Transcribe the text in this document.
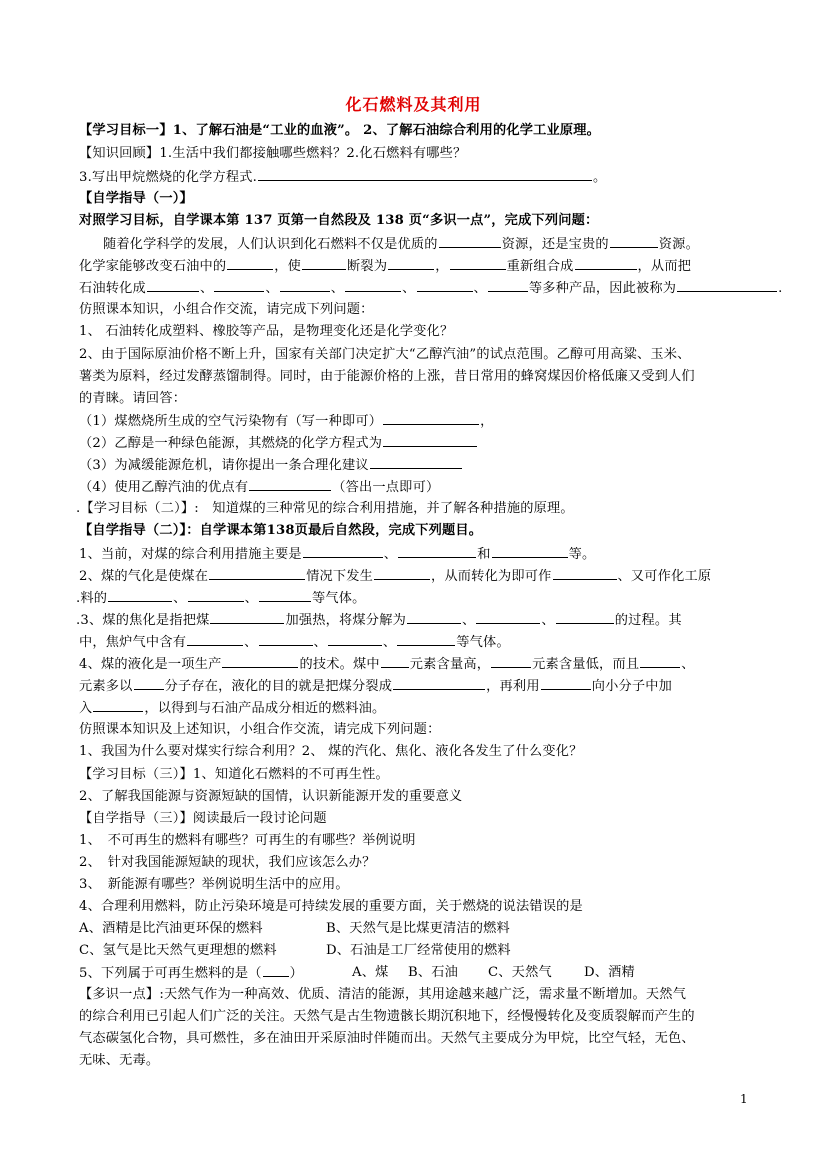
化石燃料及其利用
【学习目标一】1、了解石油是“工业的血液”。 2、了解石油综合利用的化学工业原理。
【知识回顾】1.生活中我们都接触哪些燃料？2.化石燃料有哪些？
3.写出甲烷燃烧的化学方程式.	。
【自学指导（一）】
对照学习目标，自学课本第 137 页第一自然段及 138 页“多识一点”，完成下列问题：
随着化学科学的发展，人们认识到化石燃料不仅是优质的	资源，还是宝贵的	资源。
化学家能够改变石油中的	，使	断裂为	，	重新组合成	，从而把
石油转化成	、	、	、	、	、	等多种产品，因此被称为	.
仿照课本知识，小组合作交流，请完成下列问题：
1、 石油转化成塑料、橡胶等产品，是物理变化还是化学变化？
2、由于国际原油价格不断上升，国家有关部门决定扩大“乙醇汽油”的试点范围。乙醇可用高粱、玉米、
薯类为原料，经过发酵蒸馏制得。同时，由于能源价格的上涨，昔日常用的蜂窝煤因价格低廉又受到人们
的青睐。请回答：
（1）煤燃烧所生成的空气污染物有（写一种即可）	，
（2）乙醇是一种绿色能源，其燃烧的化学方程式为
（3）为减缓能源危机，请你提出一条合理化建议
（4）使用乙醇汽油的优点有	（答出一点即可）
.【学习目标（二）】:　知道煤的三种常见的综合利用措施，并了解各种措施的原理。
【自学指导（二）】：自学课本第138页最后自然段，完成下列题目。
1、当前，对煤的综合利用措施主要是	、	和	等。
2、煤的气化是使煤在	情况下发生	，从而转化为即可作	、又可作化工原
.料的	、	、	等气体。
.3、煤的焦化是指把煤	加强热，将煤分解为	、	、	的过程。其
中，焦炉气中含有	、	、	、	等气体。
4、煤的液化是一项生产	的技术。煤中 元素含量高，	元素含量低，而且	、
元素多以 分子存在，液化的目的就是把煤分裂成	，再利用	向小分子中加
入	，以得到与石油产品成分相近的燃料油。
仿照课本知识及上述知识，小组合作交流，请完成下列问题：
1、我国为什么要对煤实行综合利用？2、 煤的汽化、焦化、液化各发生了什么变化？
【学习目标（三）】1、知道化石燃料的不可再生性。
2、了解我国能源与资源短缺的国情，认识新能源开发的重要意义
【自学指导（三）】阅读最后一段讨论问题
1、　不可再生的燃料有哪些？可再生的有哪些？举例说明
2、　针对我国能源短缺的现状，我们应该怎么办？
3、　新能源有哪些？举例说明生活中的应用。
4、合理利用燃料，防止污染环境是可持续发展的重要方面，关于燃烧的说法错误的是
A、酒精是比汽油更环保的燃料	B、天然气是比煤更清洁的燃料
C、氢气是比天然气更理想的燃料	D、石油是工厂经常使用的燃料
5、下列属于可再生燃料的是（ ）	A、煤 B、石油 C、天然气 D、酒精
【多识一点】:天然气作为一种高效、优质、清洁的能源，其用途越来越广泛，需求量不断增加。天然气
的综合利用已引起人们广泛的关注。天然气是古生物遗骸长期沉积地下，经慢慢转化及变质裂解而产生的
气态碳氢化合物，具可燃性，多在油田开采原油时伴随而出。天然气主要成分为甲烷，比空气轻，无色、
无味、无毒。
1
